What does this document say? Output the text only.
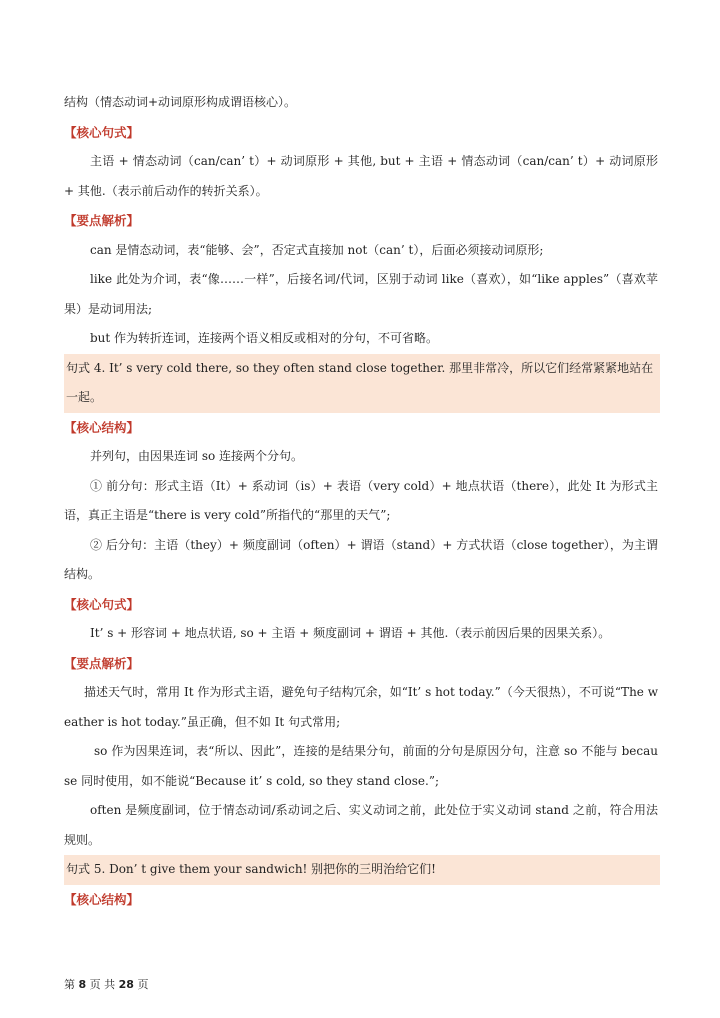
结构（情态动词+动词原形构成谓语核心）。

【核心句式】

主语 + 情态动词（can/can’ t）+ 动词原形 + 其他, but + 主语 + 情态动词（can/can’ t）+ 动词原形 + 其他.（表示前后动作的转折关系）。

【要点解析】

can 是情态动词，表“能够、会”，否定式直接加 not（can’ t），后面必须接动词原形;

like 此处为介词，表“像……一样”，后接名词/代词，区别于动词 like（喜欢），如“like apples”（喜欢苹果）是动词用法;

but 作为转折连词，连接两个语义相反或相对的分句，不可省略。

句式 4. It’ s very cold there, so they often stand close together. 那里非常冷，所以它们经常紧紧地站在一起。

【核心结构】

并列句，由因果连词 so 连接两个分句。

① 前分句：形式主语（It）+ 系动词（is）+ 表语（very cold）+ 地点状语（there），此处 It 为形式主语，真正主语是“there is very cold”所指代的“那里的天气”;

② 后分句：主语（they）+ 频度副词（often）+ 谓语（stand）+ 方式状语（close together），为主谓结构。

【核心句式】

It’ s + 形容词 + 地点状语, so + 主语 + 频度副词 + 谓语 + 其他.（表示前因后果的因果关系）。

【要点解析】

描述天气时，常用 It 作为形式主语，避免句子结构冗余，如“It’ s hot today.”（今天很热），不可说“The weather is hot today.”虽正确，但不如 It 句式常用;

so 作为因果连词，表“所以、因此”，连接的是结果分句，前面的分句是原因分句，注意 so 不能与 because 同时使用，如不能说“Because it’ s cold, so they stand close.”;

often 是频度副词，位于情态动词/系动词之后、实义动词之前，此处位于实义动词 stand 之前，符合用法规则。

句式 5. Don’ t give them your sandwich! 别把你的三明治给它们!

【核心结构】

第 8 页 共 28 页
